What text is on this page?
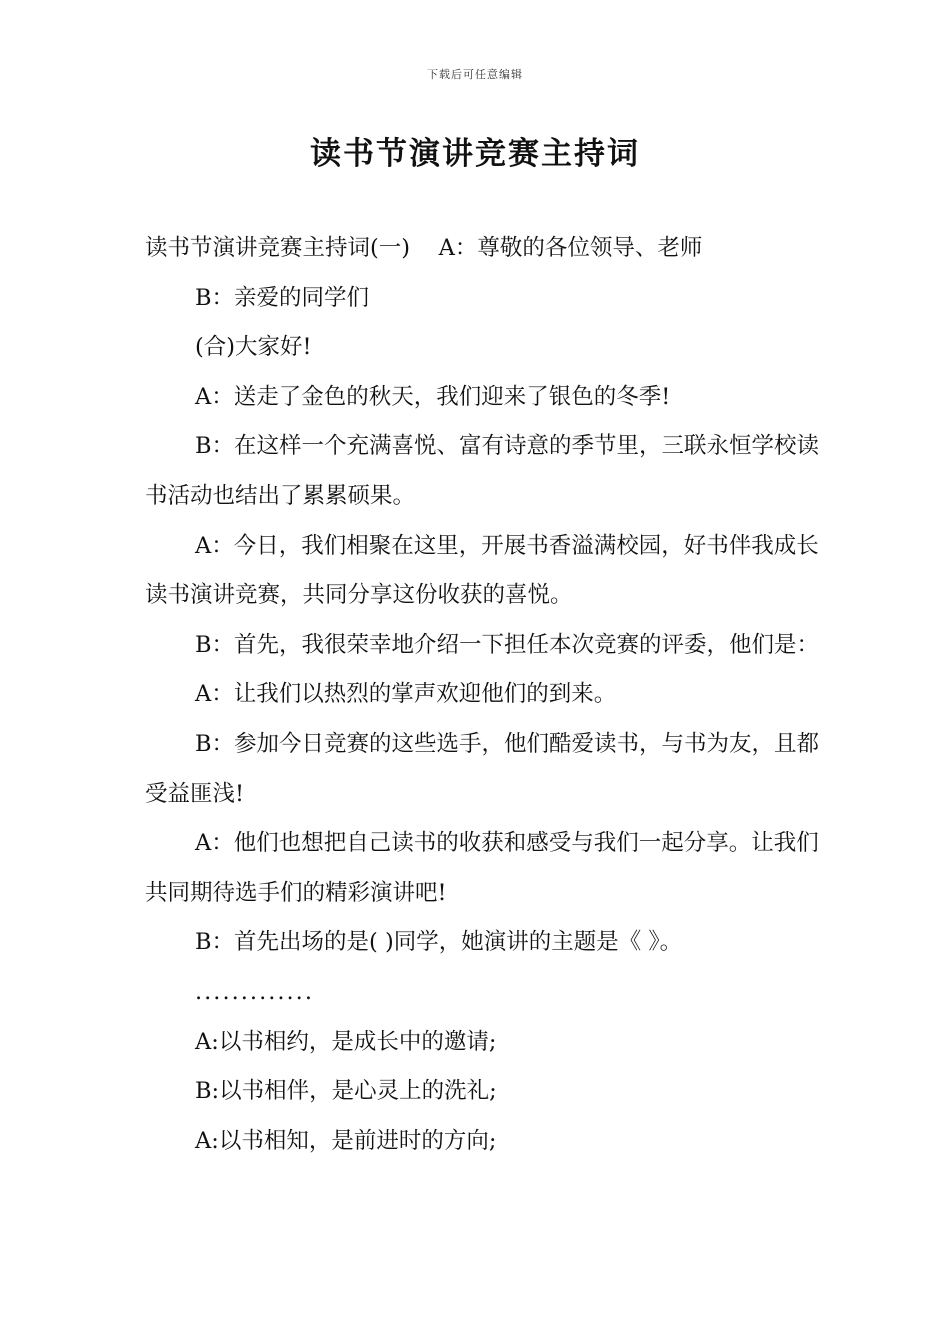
下载后可任意编辑
读书节演讲竞赛主持词

读书节演讲竞赛主持词(一)    A：尊敬的各位领导、老师

B：亲爱的同学们

(合)大家好!

A：送走了金色的秋天，我们迎来了银色的冬季!

B：在这样一个充满喜悦、富有诗意的季节里，三联永恒学校读书活动也结出了累累硕果。

A：今日，我们相聚在这里，开展书香溢满校园，好书伴我成长读书演讲竞赛，共同分享这份收获的喜悦。

B：首先，我很荣幸地介绍一下担任本次竞赛的评委，他们是：

A：让我们以热烈的掌声欢迎他们的到来。

B：参加今日竞赛的这些选手，他们酷爱读书，与书为友，且都受益匪浅!

A：他们也想把自己读书的收获和感受与我们一起分享。让我们共同期待选手们的精彩演讲吧!

B：首先出场的是( )同学，她演讲的主题是《 》。

.............

A:以书相约，是成长中的邀请;

B:以书相伴，是心灵上的洗礼;

A:以书相知，是前进时的方向;
